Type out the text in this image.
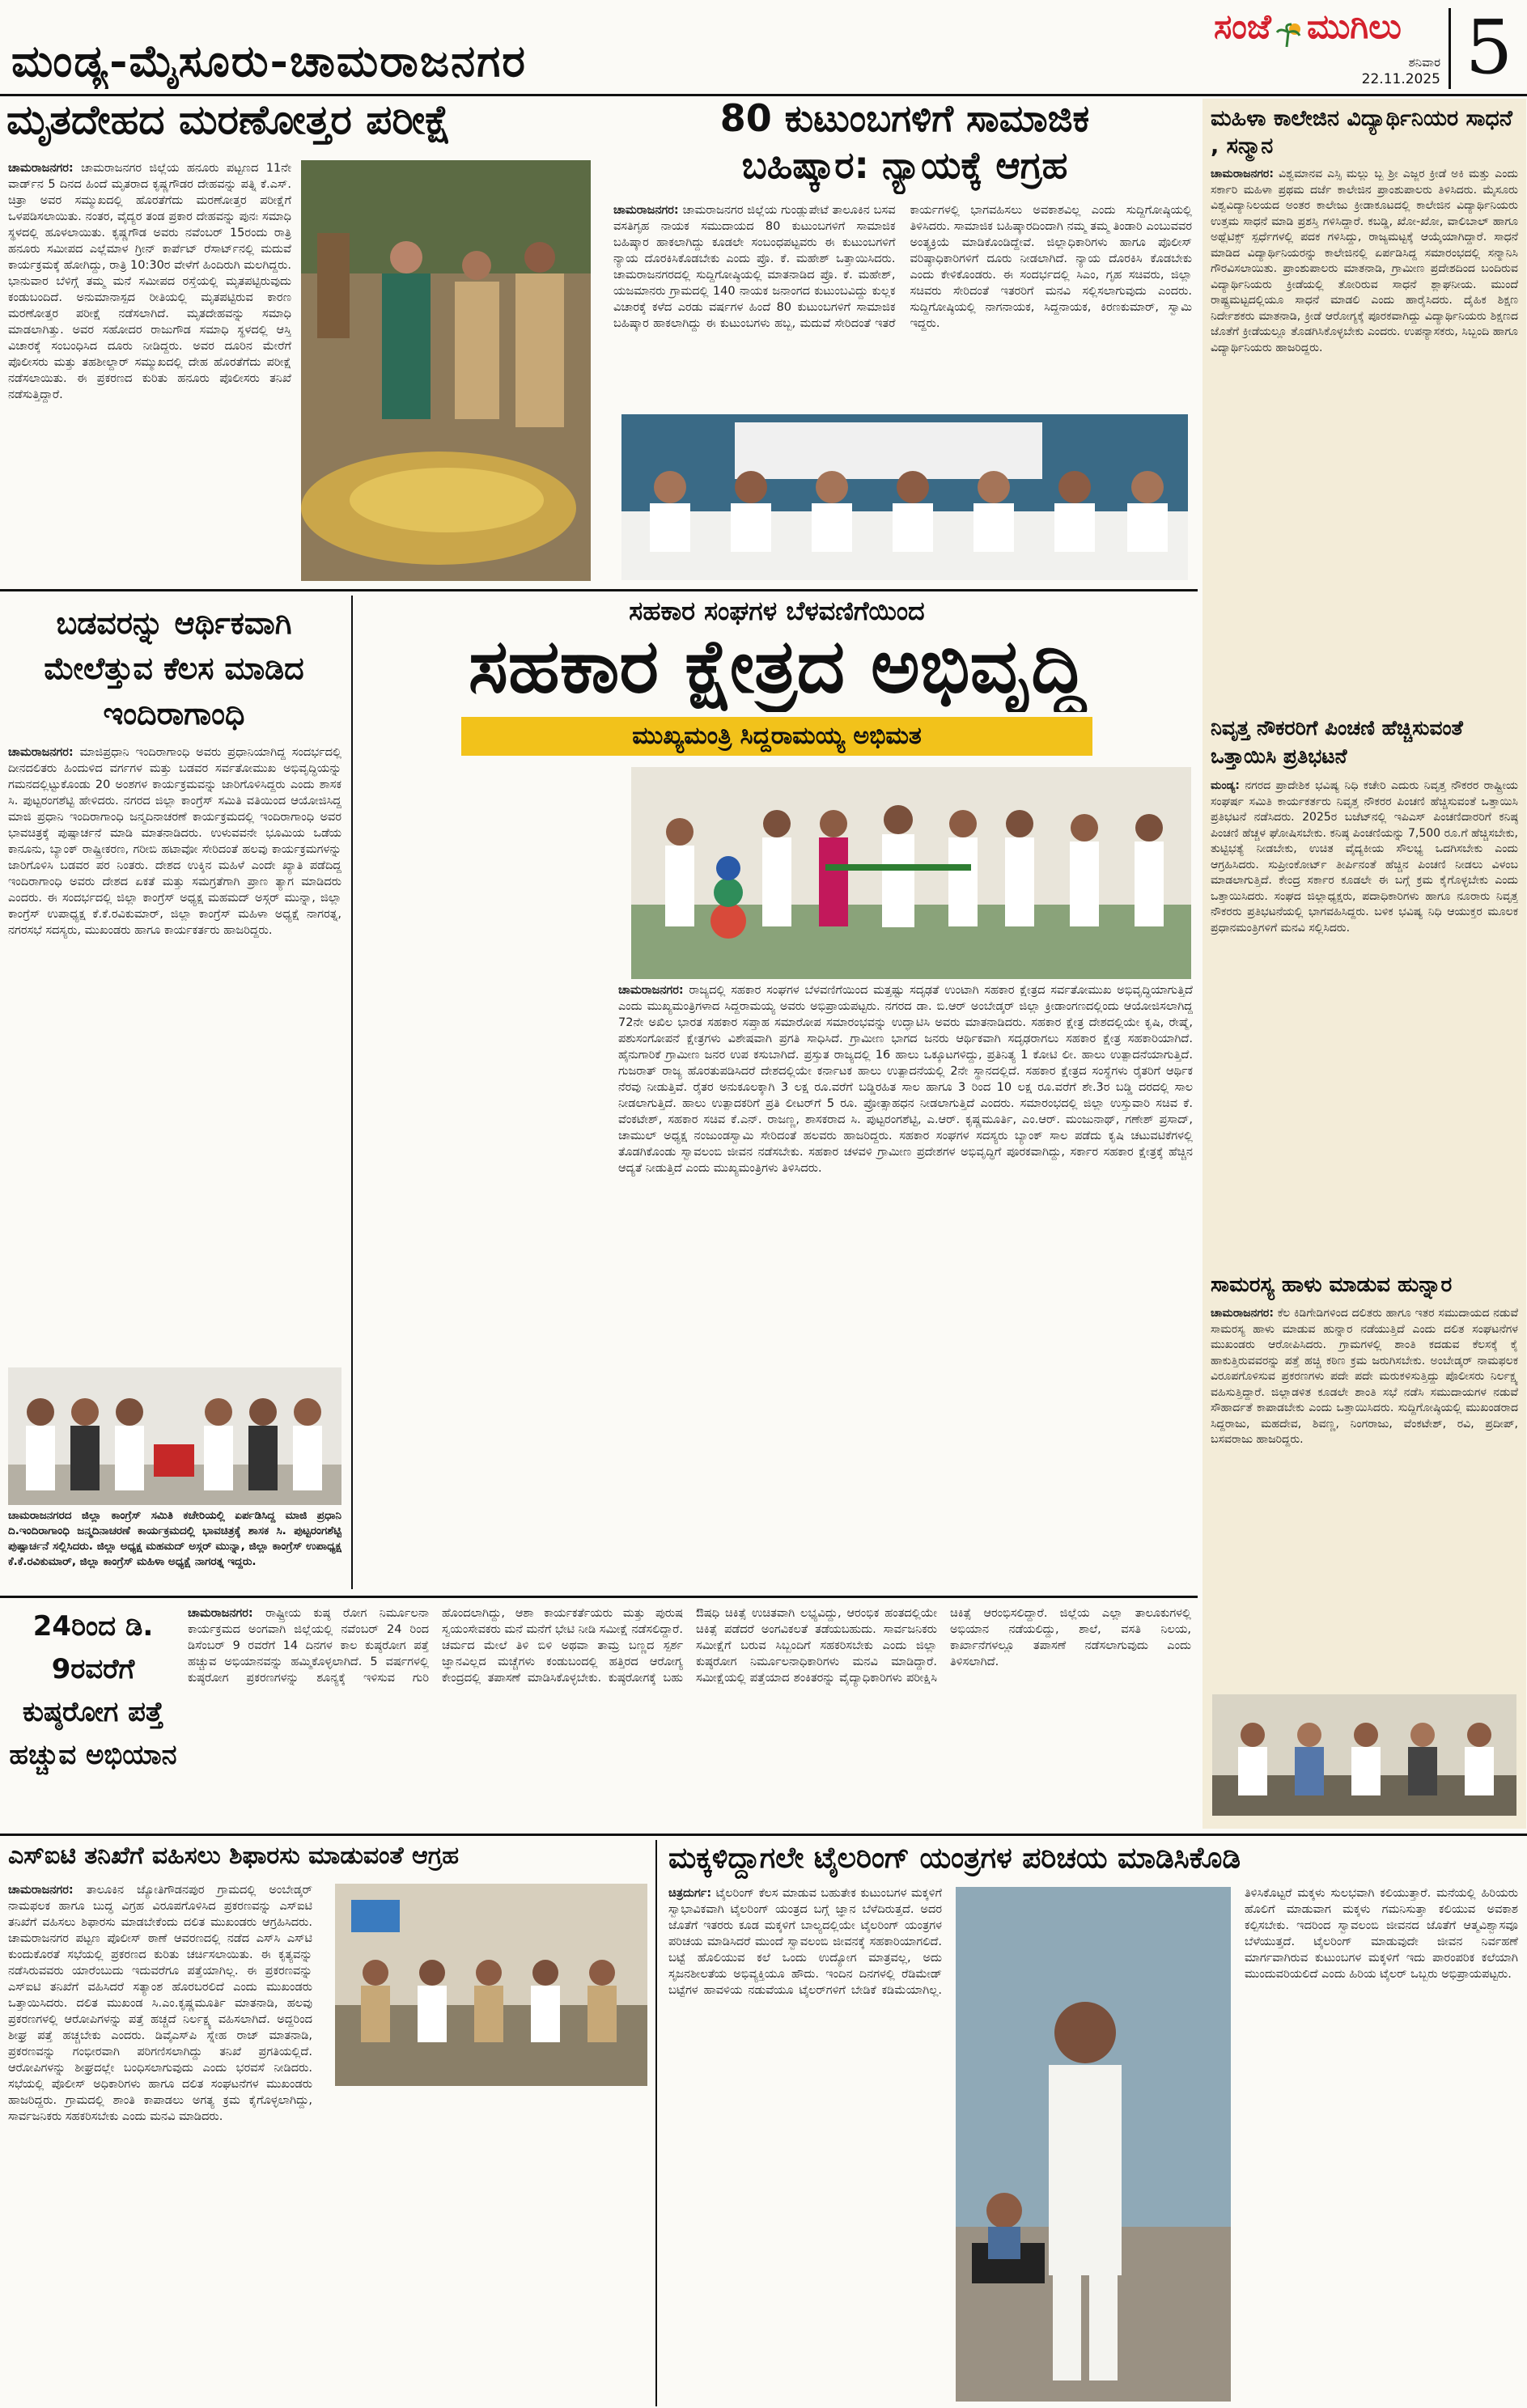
ಮಂಡ್ಯ-ಮೈಸೂರು-ಚಾಮರಾಜನಗರ
ಸಂಜೆ ಮುಗಿಲು
ಶನಿವಾರ
22.11.2025 5
ಮೃತದೇಹದ ಮರಣೋತ್ತರ ಪರೀಕ್ಷೆ
ಚಾಮರಾಜನಗರ: ಚಾಮರಾಜನಗರ ಜಿಲ್ಲೆಯ ಹನೂರು ಪಟ್ಟಣದ 11ನೇ ವಾರ್ಡ್‌ನ 5 ದಿನದ ಹಿಂದೆ ಮೃತರಾದ ಕೃಷ್ಣಗೌಡರ ದೇಹವನ್ನು ಪತ್ನಿ ಕೆ.ಎಸ್. ಚಿತ್ರಾ ಅವರ ಸಮ್ಮುಖದಲ್ಲಿ ಹೊರತೆಗೆದು ಮರಣೋತ್ತರ ಪರೀಕ್ಷೆಗೆ ಒಳಪಡಿಸಲಾಯಿತು. ನಂತರ, ವೈದ್ಯರ ತಂಡ ಪ್ರಕಾರ ದೇಹವನ್ನು ಪುನಃ ಸಮಾಧಿ ಸ್ಥಳದಲ್ಲಿ ಹೂಳಲಾಯಿತು. ಕೃಷ್ಣಗೌಡ ಅವರು ನವೆಂಬರ್ 15ರಂದು ರಾತ್ರಿ ಹನೂರು ಸಮೀಪದ ಎಲ್ಲೆಮಾಳ ಗ್ರೀನ್ ಕಾರ್ಪೆಟ್ ರೆಸಾರ್ಟ್‌ನಲ್ಲಿ ಮದುವೆ ಕಾರ್ಯಕ್ರಮಕ್ಕೆ ಹೋಗಿದ್ದು, ರಾತ್ರಿ 10:30ರ ವೇಳೆಗೆ ಹಿಂದಿರುಗಿ ಮಲಗಿದ್ದರು. ಭಾನುವಾರ ಬೆಳಿಗ್ಗೆ ತಮ್ಮ ಮನೆ ಸಮೀಪದ ರಸ್ತೆಯಲ್ಲಿ ಮೃತಪಟ್ಟಿರುವುದು ಕಂಡುಬಂದಿದೆ. ಅನುಮಾನಾಸ್ಪದ ರೀತಿಯಲ್ಲಿ ಮೃತಪಟ್ಟಿರುವ ಕಾರಣ ಮರಣೋತ್ತರ ಪರೀಕ್ಷೆ ನಡೆಸಲಾಗಿದೆ. ಮೃತದೇಹವನ್ನು ಸಮಾಧಿ ಮಾಡಲಾಗಿತ್ತು. ಅವರ ಸಹೋದರ ರಾಜುಗೌಡ ಸಮಾಧಿ ಸ್ಥಳದಲ್ಲಿ ಆಸ್ತಿ ವಿಚಾರಕ್ಕೆ ಸಂಬಂಧಿಸಿದ ದೂರು ನೀಡಿದ್ದರು. ಅವರ ದೂರಿನ ಮೇರೆಗೆ ಪೊಲೀಸರು ಮತ್ತು ತಹಶೀಲ್ದಾರ್ ಸಮ್ಮುಖದಲ್ಲಿ ದೇಹ ಹೊರತೆಗೆದು ಪರೀಕ್ಷೆ ನಡೆಸಲಾಯಿತು. ಈ ಪ್ರಕರಣದ ಕುರಿತು ಹನೂರು ಪೊಲೀಸರು ತನಿಖೆ ನಡೆಸುತ್ತಿದ್ದಾರೆ.
80 ಕುಟುಂಬಗಳಿಗೆ ಸಾಮಾಜಿಕ
ಬಹಿಷ್ಕಾರ: ನ್ಯಾಯಕ್ಕೆ ಆಗ್ರಹ
ಚಾಮರಾಜನಗರ: ಚಾಮರಾಜನಗರ ಜಿಲ್ಲೆಯ ಗುಂಡ್ಲುಪೇಟೆ ತಾಲೂಕಿನ ಬಸವ ವಸತಿಗೃಹ ನಾಯಕ ಸಮುದಾಯದ 80 ಕುಟುಂಬಗಳಿಗೆ ಸಾಮಾಜಿಕ ಬಹಿಷ್ಕಾರ ಹಾಕಲಾಗಿದ್ದು ಕೂಡಲೇ ಸಂಬಂಧಪಟ್ಟವರು ಈ ಕುಟುಂಬಗಳಿಗೆ ನ್ಯಾಯ ದೊರಕಿಸಿಕೊಡಬೇಕು ಎಂದು ಪ್ರೊ. ಕೆ. ಮಹೇಶ್ ಒತ್ತಾಯಿಸಿದರು. ಚಾಮರಾಜನಗರದಲ್ಲಿ ಸುದ್ದಿಗೋಷ್ಠಿಯಲ್ಲಿ ಮಾತನಾಡಿದ ಪ್ರೊ. ಕೆ. ಮಹೇಶ್, ಯಜಮಾನರು ಗ್ರಾಮದಲ್ಲಿ 140 ನಾಯಕ ಜನಾಂಗದ ಕುಟುಂಬವಿದ್ದು ಕುಲ್ಲಕ ವಿಚಾರಕ್ಕೆ ಕಳೆದ ಎರಡು ವರ್ಷಗಳ ಹಿಂದೆ 80 ಕುಟುಂಬಗಳಿಗೆ ಸಾಮಾಜಿಕ ಬಹಿಷ್ಕಾರ ಹಾಕಲಾಗಿದ್ದು ಈ ಕುಟುಂಬಗಳು ಹಬ್ಬ, ಮದುವೆ ಸೇರಿದಂತೆ ಇತರೆ ಕಾರ್ಯಗಳಲ್ಲಿ ಭಾಗವಹಿಸಲು ಅವಕಾಶವಿಲ್ಲ ಎಂದು ಸುದ್ದಿಗೋಷ್ಠಿಯಲ್ಲಿ ತಿಳಿಸಿದರು. ಸಾಮಾಜಿಕ ಬಹಿಷ್ಕಾರದಿಂದಾಗಿ ನಮ್ಮ ತಮ್ಮ ತಿಂಡಾರಿ ಎಂಬುವವರ ಅಂತ್ಯಕ್ರಿಯೆ ಮಾಡಿಕೊಂಡಿದ್ದೇವೆ. ಜಿಲ್ಲಾಧಿಕಾರಿಗಳು ಹಾಗೂ ಪೊಲೀಸ್ ವರಿಷ್ಠಾಧಿಕಾರಿಗಳಿಗೆ ದೂರು ನೀಡಲಾಗಿದೆ. ನ್ಯಾಯ ದೊರಕಿಸಿ ಕೊಡಬೇಕು ಎಂದು ಕೇಳಿಕೊಂಡರು. ಈ ಸಂದರ್ಭದಲ್ಲಿ ಸಿಎಂ, ಗೃಹ ಸಚಿವರು, ಜಿಲ್ಲಾ ಸಚಿವರು ಸೇರಿದಂತೆ ಇತರರಿಗೆ ಮನವಿ ಸಲ್ಲಿಸಲಾಗುವುದು ಎಂದರು. ಸುದ್ದಿಗೋಷ್ಠಿಯಲ್ಲಿ ನಾಗನಾಯಕ, ಸಿದ್ದನಾಯಕ, ಕಿರಣಕುಮಾರ್, ಸ್ವಾಮಿ ಇದ್ದರು.
ಮಹಿಳಾ ಕಾಲೇಜಿನ ವಿದ್ಯಾರ್ಥಿನಿಯರ ಸಾಧನೆ , ಸನ್ಮಾನ
ಚಾಮರಾಜನಗರ: ವಿಶ್ವಮಾನವ ಎಸ್ಸಿ ಮಲ್ಲು ಬ್ಬ ಶ್ರೀ ಎಜ್ಜರ ಕ್ರೀಡೆ ಅಕಿ ಮತ್ತು ಎಂದು ಸರ್ಕಾರಿ ಮಹಿಳಾ ಪ್ರಥಮ ದರ್ಜೆ ಕಾಲೇಜಿನ ಪ್ರಾಂಶುಪಾಲರು ತಿಳಿಸಿದರು. ಮೈಸೂರು ವಿಶ್ವವಿದ್ಯಾನಿಲಯದ ಅಂತರ ಕಾಲೇಜು ಕ್ರೀಡಾಕೂಟದಲ್ಲಿ ಕಾಲೇಜಿನ ವಿದ್ಯಾರ್ಥಿನಿಯರು ಉತ್ತಮ ಸಾಧನೆ ಮಾಡಿ ಪ್ರಶಸ್ತಿ ಗಳಿಸಿದ್ದಾರೆ. ಕಬಡ್ಡಿ, ಖೋ-ಖೋ, ವಾಲಿಬಾಲ್ ಹಾಗೂ ಅಥ್ಲೆಟಿಕ್ಸ್ ಸ್ಪರ್ಧೆಗಳಲ್ಲಿ ಪದಕ ಗಳಿಸಿದ್ದು, ರಾಜ್ಯಮಟ್ಟಕ್ಕೆ ಆಯ್ಕೆಯಾಗಿದ್ದಾರೆ. ಸಾಧನೆ ಮಾಡಿದ ವಿದ್ಯಾರ್ಥಿನಿಯರನ್ನು ಕಾಲೇಜಿನಲ್ಲಿ ಏರ್ಪಡಿಸಿದ್ದ ಸಮಾರಂಭದಲ್ಲಿ ಸನ್ಮಾನಿಸಿ ಗೌರವಿಸಲಾಯಿತು. ಪ್ರಾಂಶುಪಾಲರು ಮಾತನಾಡಿ, ಗ್ರಾಮೀಣ ಪ್ರದೇಶದಿಂದ ಬಂದಿರುವ ವಿದ್ಯಾರ್ಥಿನಿಯರು ಕ್ರೀಡೆಯಲ್ಲಿ ತೋರಿರುವ ಸಾಧನೆ ಶ್ಲಾಘನೀಯ. ಮುಂದೆ ರಾಷ್ಟ್ರಮಟ್ಟದಲ್ಲಿಯೂ ಸಾಧನೆ ಮಾಡಲಿ ಎಂದು ಹಾರೈಸಿದರು. ದೈಹಿಕ ಶಿಕ್ಷಣ ನಿರ್ದೇಶಕರು ಮಾತನಾಡಿ, ಕ್ರೀಡೆ ಆರೋಗ್ಯಕ್ಕೆ ಪೂರಕವಾಗಿದ್ದು ವಿದ್ಯಾರ್ಥಿನಿಯರು ಶಿಕ್ಷಣದ ಜೊತೆಗೆ ಕ್ರೀಡೆಯಲ್ಲೂ ತೊಡಗಿಸಿಕೊಳ್ಳಬೇಕು ಎಂದರು. ಉಪನ್ಯಾಸಕರು, ಸಿಬ್ಬಂದಿ ಹಾಗೂ ವಿದ್ಯಾರ್ಥಿನಿಯರು ಹಾಜರಿದ್ದರು.
ನಿವೃತ್ತ ನೌಕರರಿಗೆ ಪಿಂಚಣಿ ಹೆಚ್ಚಿಸುವಂತೆ ಒತ್ತಾಯಿಸಿ ಪ್ರತಿಭಟನೆ
ಮಂಡ್ಯ: ನಗರದ ಪ್ರಾದೇಶಿಕ ಭವಿಷ್ಯ ನಿಧಿ ಕಚೇರಿ ಎದುರು ನಿವೃತ್ತ ನೌಕರರ ರಾಷ್ಟ್ರೀಯ ಸಂಘರ್ಷ ಸಮಿತಿ ಕಾರ್ಯಕರ್ತರು ನಿವೃತ್ತ ನೌಕರರ ಪಿಂಚಣಿ ಹೆಚ್ಚಿಸುವಂತೆ ಒತ್ತಾಯಿಸಿ ಪ್ರತಿಭಟನೆ ನಡೆಸಿದರು. 2025ರ ಬಜೆಟ್‌ನಲ್ಲಿ ಇಪಿಎಸ್ ಪಿಂಚಣಿದಾರರಿಗೆ ಕನಿಷ್ಠ ಪಿಂಚಣಿ ಹೆಚ್ಚಳ ಘೋಷಿಸಬೇಕು. ಕನಿಷ್ಠ ಪಿಂಚಣಿಯನ್ನು 7,500 ರೂ.ಗೆ ಹೆಚ್ಚಿಸಬೇಕು, ತುಟ್ಟಿಭತ್ಯೆ ನೀಡಬೇಕು, ಉಚಿತ ವೈದ್ಯಕೀಯ ಸೌಲಭ್ಯ ಒದಗಿಸಬೇಕು ಎಂದು ಆಗ್ರಹಿಸಿದರು. ಸುಪ್ರೀಂಕೋರ್ಟ್ ತೀರ್ಪಿನಂತೆ ಹೆಚ್ಚಿನ ಪಿಂಚಣಿ ನೀಡಲು ವಿಳಂಬ ಮಾಡಲಾಗುತ್ತಿದೆ. ಕೇಂದ್ರ ಸರ್ಕಾರ ಕೂಡಲೇ ಈ ಬಗ್ಗೆ ಕ್ರಮ ಕೈಗೊಳ್ಳಬೇಕು ಎಂದು ಒತ್ತಾಯಿಸಿದರು. ಸಂಘದ ಜಿಲ್ಲಾಧ್ಯಕ್ಷರು, ಪದಾಧಿಕಾರಿಗಳು ಹಾಗೂ ನೂರಾರು ನಿವೃತ್ತ ನೌಕರರು ಪ್ರತಿಭಟನೆಯಲ್ಲಿ ಭಾಗವಹಿಸಿದ್ದರು. ಬಳಿಕ ಭವಿಷ್ಯ ನಿಧಿ ಆಯುಕ್ತರ ಮೂಲಕ ಪ್ರಧಾನಮಂತ್ರಿಗಳಿಗೆ ಮನವಿ ಸಲ್ಲಿಸಿದರು.
ಸಾಮರಸ್ಯ ಹಾಳು ಮಾಡುವ ಹುನ್ನಾರ
ಚಾಮರಾಜನಗರ: ಕೆಲ ಕಿಡಿಗೇಡಿಗಳಿಂದ ದಲಿತರು ಹಾಗೂ ಇತರ ಸಮುದಾಯದ ನಡುವೆ ಸಾಮರಸ್ಯ ಹಾಳು ಮಾಡುವ ಹುನ್ನಾರ ನಡೆಯುತ್ತಿದೆ ಎಂದು ದಲಿತ ಸಂಘಟನೆಗಳ ಮುಖಂಡರು ಆರೋಪಿಸಿದರು. ಗ್ರಾಮಗಳಲ್ಲಿ ಶಾಂತಿ ಕದಡುವ ಕೆಲಸಕ್ಕೆ ಕೈ ಹಾಕುತ್ತಿರುವವರನ್ನು ಪತ್ತೆ ಹಚ್ಚಿ ಕಠಿಣ ಕ್ರಮ ಜರುಗಿಸಬೇಕು. ಅಂಬೇಡ್ಕರ್ ನಾಮಫಲಕ ವಿರೂಪಗೊಳಿಸುವ ಪ್ರಕರಣಗಳು ಪದೇ ಪದೇ ಮರುಕಳಿಸುತ್ತಿದ್ದು ಪೊಲೀಸರು ನಿರ್ಲಕ್ಷ್ಯ ವಹಿಸುತ್ತಿದ್ದಾರೆ. ಜಿಲ್ಲಾಡಳಿತ ಕೂಡಲೇ ಶಾಂತಿ ಸಭೆ ನಡೆಸಿ ಸಮುದಾಯಗಳ ನಡುವೆ ಸೌಹಾರ್ದತೆ ಕಾಪಾಡಬೇಕು ಎಂದು ಒತ್ತಾಯಿಸಿದರು. ಸುದ್ದಿಗೋಷ್ಠಿಯಲ್ಲಿ ಮುಖಂಡರಾದ ಸಿದ್ದರಾಜು, ಮಹದೇವ, ಶಿವಣ್ಣ, ನಿಂಗರಾಜು, ವೆಂಕಟೇಶ್, ರವಿ, ಪ್ರದೀಪ್, ಬಸವರಾಜು ಹಾಜರಿದ್ದರು.
ಬಡವರನ್ನು ಆರ್ಥಿಕವಾಗಿ ಮೇಲೆತ್ತುವ ಕೆಲಸ ಮಾಡಿದ ಇಂದಿರಾಗಾಂಧಿ
ಚಾಮರಾಜನಗರ: ಮಾಜಿಪ್ರಧಾನಿ ಇಂದಿರಾಗಾಂಧಿ ಅವರು ಪ್ರಧಾನಿಯಾಗಿದ್ದ ಸಂದರ್ಭದಲ್ಲಿ ದೀನದಲಿತರು ಹಿಂದುಳಿದ ವರ್ಗಗಳ ಮತ್ತು ಬಡವರ ಸರ್ವತೋಮುಖ ಅಭಿವೃದ್ಧಿಯನ್ನು ಗಮನದಲ್ಲಿಟ್ಟುಕೊಂಡು 20 ಅಂಶಗಳ ಕಾರ್ಯಕ್ರಮವನ್ನು ಜಾರಿಗೊಳಿಸಿದ್ದರು ಎಂದು ಶಾಸಕ ಸಿ. ಪುಟ್ಟರಂಗಶೆಟ್ಟಿ ಹೇಳಿದರು. ನಗರದ ಜಿಲ್ಲಾ ಕಾಂಗ್ರೆಸ್ ಸಮಿತಿ ವತಿಯಿಂದ ಆಯೋಜಿಸಿದ್ದ ಮಾಜಿ ಪ್ರಧಾನಿ ಇಂದಿರಾಗಾಂಧಿ ಜನ್ಮದಿನಾಚರಣೆ ಕಾರ್ಯಕ್ರಮದಲ್ಲಿ ಇಂದಿರಾಗಾಂಧಿ ಅವರ ಭಾವಚಿತ್ರಕ್ಕೆ ಪುಷ್ಪಾರ್ಚನೆ ಮಾಡಿ ಮಾತನಾಡಿದರು. ಉಳುವವನೇ ಭೂಮಿಯ ಒಡೆಯ ಕಾನೂನು, ಬ್ಯಾಂಕ್ ರಾಷ್ಟ್ರೀಕರಣ, ಗರೀಬಿ ಹಟಾವೋ ಸೇರಿದಂತೆ ಹಲವು ಕಾರ್ಯಕ್ರಮಗಳನ್ನು ಜಾರಿಗೊಳಿಸಿ ಬಡವರ ಪರ ನಿಂತರು. ದೇಶದ ಉಕ್ಕಿನ ಮಹಿಳೆ ಎಂದೇ ಖ್ಯಾತಿ ಪಡೆದಿದ್ದ ಇಂದಿರಾಗಾಂಧಿ ಅವರು ದೇಶದ ಏಕತೆ ಮತ್ತು ಸಮಗ್ರತೆಗಾಗಿ ಪ್ರಾಣ ತ್ಯಾಗ ಮಾಡಿದರು ಎಂದರು. ಈ ಸಂದರ್ಭದಲ್ಲಿ ಜಿಲ್ಲಾ ಕಾಂಗ್ರೆಸ್ ಅಧ್ಯಕ್ಷ ಮಹಮದ್ ಅಸ್ಗರ್ ಮುನ್ನಾ, ಜಿಲ್ಲಾ ಕಾಂಗ್ರೆಸ್ ಉಪಾಧ್ಯಕ್ಷ ಕೆ.ಕೆ.ರವಿಕುಮಾರ್, ಜಿಲ್ಲಾ ಕಾಂಗ್ರೆಸ್ ಮಹಿಳಾ ಅಧ್ಯಕ್ಷೆ ನಾಗರತ್ನ, ನಗರಸಭೆ ಸದಸ್ಯರು, ಮುಖಂಡರು ಹಾಗೂ ಕಾರ್ಯಕರ್ತರು ಹಾಜರಿದ್ದರು.
ಚಾಮರಾಜನಗರದ ಜಿಲ್ಲಾ ಕಾಂಗ್ರೆಸ್ ಸಮಿತಿ ಕಚೇರಿಯಲ್ಲಿ ಏರ್ಪಡಿಸಿದ್ದ ಮಾಜಿ ಪ್ರಧಾನಿ ದಿ.ಇಂದಿರಾಗಾಂಧಿ ಜನ್ಮದಿನಾಚರಣೆ ಕಾರ್ಯಕ್ರಮದಲ್ಲಿ ಭಾವಚಿತ್ರಕ್ಕೆ ಶಾಸಕ ಸಿ. ಪುಟ್ಟರಂಗಶೆಟ್ಟಿ ಪುಷ್ಪಾರ್ಚನೆ ಸಲ್ಲಿಸಿದರು. ಜಿಲ್ಲಾ ಅಧ್ಯಕ್ಷ ಮಹಮದ್ ಅಸ್ಗರ್ ಮುನ್ನಾ, ಜಿಲ್ಲಾ ಕಾಂಗ್ರೆಸ್ ಉಪಾಧ್ಯಕ್ಷ ಕೆ.ಕೆ.ರವಿಕುಮಾರ್, ಜಿಲ್ಲಾ ಕಾಂಗ್ರೆಸ್ ಮಹಿಳಾ ಅಧ್ಯಕ್ಷೆ ನಾಗರತ್ನ ಇದ್ದರು.
ಸಹಕಾರ ಸಂಘಗಳ ಬೆಳವಣಿಗೆಯಿಂದ
ಸಹಕಾರ ಕ್ಷೇತ್ರದ ಅಭಿವೃದ್ಧಿ
ಮುಖ್ಯಮಂತ್ರಿ ಸಿದ್ದರಾಮಯ್ಯ ಅಭಿಮತ
ಚಾಮರಾಜನಗರ: ರಾಜ್ಯದಲ್ಲಿ ಸಹಕಾರ ಸಂಘಗಳ ಬೆಳವಣಿಗೆಯಿಂದ ಮತ್ತಷ್ಟು ಸದೃಢತೆ ಉಂಟಾಗಿ ಸಹಕಾರ ಕ್ಷೇತ್ರದ ಸರ್ವತೋಮುಖ ಅಭಿವೃದ್ಧಿಯಾಗುತ್ತಿದೆ ಎಂದು ಮುಖ್ಯಮಂತ್ರಿಗಳಾದ ಸಿದ್ದರಾಮಯ್ಯ ಅವರು ಅಭಿಪ್ರಾಯಪಟ್ಟರು. ನಗರದ ಡಾ. ಬಿ.ಆರ್ ಅಂಬೇಡ್ಕರ್ ಜಿಲ್ಲಾ ಕ್ರೀಡಾಂಗಣದಲ್ಲಿಂದು ಆಯೋಜಿಸಲಾಗಿದ್ದ 72ನೇ ಅಖಿಲ ಭಾರತ ಸಹಕಾರ ಸಪ್ತಾಹ ಸಮಾರೋಪ ಸಮಾರಂಭವನ್ನು ಉದ್ಘಾಟಿಸಿ ಅವರು ಮಾತನಾಡಿದರು. ಸಹಕಾರ ಕ್ಷೇತ್ರ ದೇಶದಲ್ಲಿಯೇ ಕೃಷಿ, ರೇಷ್ಮೆ, ಪಶುಸಂಗೋಪನೆ ಕ್ಷೇತ್ರಗಳು ವಿಶೇಷವಾಗಿ ಪ್ರಗತಿ ಸಾಧಿಸಿದೆ. ಗ್ರಾಮೀಣ ಭಾಗದ ಜನರು ಆರ್ಥಿಕವಾಗಿ ಸದೃಢರಾಗಲು ಸಹಕಾರ ಕ್ಷೇತ್ರ ಸಹಕಾರಿಯಾಗಿದೆ. ಹೈನುಗಾರಿಕೆ ಗ್ರಾಮೀಣ ಜನರ ಉಪ ಕಸುಬಾಗಿದೆ. ಪ್ರಸ್ತುತ ರಾಜ್ಯದಲ್ಲಿ 16 ಹಾಲು ಒಕ್ಕೂಟಗಳಿದ್ದು, ಪ್ರತಿನಿತ್ಯ 1 ಕೋಟಿ ಲೀ. ಹಾಲು ಉತ್ಪಾದನೆಯಾಗುತ್ತಿದೆ. ಗುಜರಾತ್ ರಾಜ್ಯ ಹೊರತುಪಡಿಸಿದರೆ ದೇಶದಲ್ಲಿಯೇ ಕರ್ನಾಟಕ ಹಾಲು ಉತ್ಪಾದನೆಯಲ್ಲಿ 2ನೇ ಸ್ಥಾನದಲ್ಲಿದೆ. ಸಹಕಾರ ಕ್ಷೇತ್ರದ ಸಂಸ್ಥೆಗಳು ರೈತರಿಗೆ ಆರ್ಥಿಕ ನೆರವು ನೀಡುತ್ತಿವೆ. ರೈತರ ಅನುಕೂಲಕ್ಕಾಗಿ 3 ಲಕ್ಷ ರೂ.ವರೆಗೆ ಬಡ್ಡಿರಹಿತ ಸಾಲ ಹಾಗೂ 3 ರಿಂದ 10 ಲಕ್ಷ ರೂ.ವರೆಗೆ ಶೇ.3ರ ಬಡ್ಡಿ ದರದಲ್ಲಿ ಸಾಲ ನೀಡಲಾಗುತ್ತಿದೆ. ಹಾಲು ಉತ್ಪಾದಕರಿಗೆ ಪ್ರತಿ ಲೀಟರ್‌ಗೆ 5 ರೂ. ಪ್ರೋತ್ಸಾಹಧನ ನೀಡಲಾಗುತ್ತಿದೆ ಎಂದರು. ಸಮಾರಂಭದಲ್ಲಿ ಜಿಲ್ಲಾ ಉಸ್ತುವಾರಿ ಸಚಿವ ಕೆ. ವೆಂಕಟೇಶ್, ಸಹಕಾರ ಸಚಿವ ಕೆ.ಎನ್. ರಾಜಣ್ಣ, ಶಾಸಕರಾದ ಸಿ. ಪುಟ್ಟರಂಗಶೆಟ್ಟಿ, ಎ.ಆರ್. ಕೃಷ್ಣಮೂರ್ತಿ, ಎಂ.ಆರ್. ಮಂಜುನಾಥ್, ಗಣೇಶ್ ಪ್ರಸಾದ್, ಚಾಮುಲ್ ಅಧ್ಯಕ್ಷ ನಂಜುಂಡಸ್ವಾಮಿ ಸೇರಿದಂತೆ ಹಲವರು ಹಾಜರಿದ್ದರು. ಸಹಕಾರ ಸಂಘಗಳ ಸದಸ್ಯರು ಬ್ಯಾಂಕ್ ಸಾಲ ಪಡೆದು ಕೃಷಿ ಚಟುವಟಿಕೆಗಳಲ್ಲಿ ತೊಡಗಿಕೊಂಡು ಸ್ವಾವಲಂಬಿ ಜೀವನ ನಡೆಸಬೇಕು. ಸಹಕಾರ ಚಳವಳಿ ಗ್ರಾಮೀಣ ಪ್ರದೇಶಗಳ ಅಭಿವೃದ್ಧಿಗೆ ಪೂರಕವಾಗಿದ್ದು, ಸರ್ಕಾರ ಸಹಕಾರ ಕ್ಷೇತ್ರಕ್ಕೆ ಹೆಚ್ಚಿನ ಆದ್ಯತೆ ನೀಡುತ್ತಿದೆ ಎಂದು ಮುಖ್ಯಮಂತ್ರಿಗಳು ತಿಳಿಸಿದರು.
24ರಿಂದ ಡಿ. 9ರವರೆಗೆ ಕುಷ್ಠರೋಗ ಪತ್ತೆ ಹಚ್ಚುವ ಅಭಿಯಾನ
ಚಾಮರಾಜನಗರ: ರಾಷ್ಟ್ರೀಯ ಕುಷ್ಠ ರೋಗ ನಿರ್ಮೂಲನಾ ಕಾರ್ಯಕ್ರಮದ ಅಂಗವಾಗಿ ಜಿಲ್ಲೆಯಲ್ಲಿ ನವೆಂಬರ್ 24 ರಿಂದ ಡಿಸೆಂಬರ್ 9 ರವರೆಗೆ 14 ದಿನಗಳ ಕಾಲ ಕುಷ್ಠರೋಗ ಪತ್ತೆ ಹಚ್ಚುವ ಅಭಿಯಾನವನ್ನು ಹಮ್ಮಿಕೊಳ್ಳಲಾಗಿದೆ. 5 ವರ್ಷಗಳಲ್ಲಿ ಕುಷ್ಠರೋಗ ಪ್ರಕರಣಗಳನ್ನು ಶೂನ್ಯಕ್ಕೆ ಇಳಿಸುವ ಗುರಿ ಹೊಂದಲಾಗಿದ್ದು, ಆಶಾ ಕಾರ್ಯಕರ್ತೆಯರು ಮತ್ತು ಪುರುಷ ಸ್ವಯಂಸೇವಕರು ಮನೆ ಮನೆಗೆ ಭೇಟಿ ನೀಡಿ ಸಮೀಕ್ಷೆ ನಡೆಸಲಿದ್ದಾರೆ. ಚರ್ಮದ ಮೇಲೆ ತಿಳಿ ಬಿಳಿ ಅಥವಾ ತಾಮ್ರ ಬಣ್ಣದ ಸ್ಪರ್ಶ ಜ್ಞಾನವಿಲ್ಲದ ಮಚ್ಚೆಗಳು ಕಂಡುಬಂದಲ್ಲಿ ಹತ್ತಿರದ ಆರೋಗ್ಯ ಕೇಂದ್ರದಲ್ಲಿ ತಪಾಸಣೆ ಮಾಡಿಸಿಕೊಳ್ಳಬೇಕು. ಕುಷ್ಠರೋಗಕ್ಕೆ ಬಹು ಔಷಧಿ ಚಿಕಿತ್ಸೆ ಉಚಿತವಾಗಿ ಲಭ್ಯವಿದ್ದು, ಆರಂಭಿಕ ಹಂತದಲ್ಲಿಯೇ ಚಿಕಿತ್ಸೆ ಪಡೆದರೆ ಅಂಗವಿಕಲತೆ ತಡೆಯಬಹುದು. ಸಾರ್ವಜನಿಕರು ಸಮೀಕ್ಷೆಗೆ ಬರುವ ಸಿಬ್ಬಂದಿಗೆ ಸಹಕರಿಸಬೇಕು ಎಂದು ಜಿಲ್ಲಾ ಕುಷ್ಠರೋಗ ನಿರ್ಮೂಲನಾಧಿಕಾರಿಗಳು ಮನವಿ ಮಾಡಿದ್ದಾರೆ. ಸಮೀಕ್ಷೆಯಲ್ಲಿ ಪತ್ತೆಯಾದ ಶಂಕಿತರನ್ನು ವೈದ್ಯಾಧಿಕಾರಿಗಳು ಪರೀಕ್ಷಿಸಿ ಚಿಕಿತ್ಸೆ ಆರಂಭಿಸಲಿದ್ದಾರೆ. ಜಿಲ್ಲೆಯ ಎಲ್ಲಾ ತಾಲೂಕುಗಳಲ್ಲಿ ಅಭಿಯಾನ ನಡೆಯಲಿದ್ದು, ಶಾಲೆ, ವಸತಿ ನಿಲಯ, ಕಾರ್ಖಾನೆಗಳಲ್ಲೂ ತಪಾಸಣೆ ನಡೆಸಲಾಗುವುದು ಎಂದು ತಿಳಿಸಲಾಗಿದೆ.
ಎಸ್‌ಐಟಿ ತನಿಖೆಗೆ ವಹಿಸಲು ಶಿಫಾರಸು ಮಾಡುವಂತೆ ಆಗ್ರಹ
ಚಾಮರಾಜನಗರ: ತಾಲೂಕಿನ ಜ್ಯೋತಿಗೌಡನಪುರ ಗ್ರಾಮದಲ್ಲಿ ಅಂಬೇಡ್ಕರ್ ನಾಮಫಲಕ ಹಾಗೂ ಬುದ್ಧ ವಿಗ್ರಹ ವಿರೂಪಗೊಳಿಸಿದ ಪ್ರಕರಣವನ್ನು ಎಸ್‌ಐಟಿ ತನಿಖೆಗೆ ವಹಿಸಲು ಶಿಫಾರಸು ಮಾಡಬೇಕೆಂದು ದಲಿತ ಮುಖಂಡರು ಆಗ್ರಹಿಸಿದರು. ಚಾಮರಾಜನಗರ ಪಟ್ಟಣ ಪೊಲೀಸ್ ಠಾಣೆ ಆವರಣದಲ್ಲಿ ನಡೆದ ಎಸ್‌ಸಿ ಎಸ್‌ಟಿ ಕುಂದುಕೊರತೆ ಸಭೆಯಲ್ಲಿ ಪ್ರಕರಣದ ಕುರಿತು ಚರ್ಚಿಸಲಾಯಿತು. ಈ ಕೃತ್ಯವನ್ನು ನಡೆಸಿರುವವರು ಯಾರೆಂಬುದು ಇದುವರೆಗೂ ಪತ್ತೆಯಾಗಿಲ್ಲ. ಈ ಪ್ರಕರಣವನ್ನು ಎಸ್‌ಐಟಿ ತನಿಖೆಗೆ ವಹಿಸಿದರೆ ಸತ್ಯಾಂಶ ಹೊರಬರಲಿದೆ ಎಂದು ಮುಖಂಡರು ಒತ್ತಾಯಿಸಿದರು. ದಲಿತ ಮುಖಂಡ ಸಿ.ಎಂ.ಕೃಷ್ಣಮೂರ್ತಿ ಮಾತನಾಡಿ, ಹಲವು ಪ್ರಕರಣಗಳಲ್ಲಿ ಆರೋಪಿಗಳನ್ನು ಪತ್ತೆ ಹಚ್ಚದೆ ನಿರ್ಲಕ್ಷ್ಯ ವಹಿಸಲಾಗಿದೆ. ಅದ್ದರಿಂದ ಶೀಘ್ರ ಪತ್ತೆ ಹಚ್ಚಬೇಕು ಎಂದರು. ಡಿವೈಎಸ್‌ಪಿ ಸ್ನೇಹ ರಾಜ್ ಮಾತನಾಡಿ, ಪ್ರಕರಣವನ್ನು ಗಂಭೀರವಾಗಿ ಪರಿಗಣಿಸಲಾಗಿದ್ದು ತನಿಖೆ ಪ್ರಗತಿಯಲ್ಲಿದೆ. ಆರೋಪಿಗಳನ್ನು ಶೀಘ್ರದಲ್ಲೇ ಬಂಧಿಸಲಾಗುವುದು ಎಂದು ಭರವಸೆ ನೀಡಿದರು. ಸಭೆಯಲ್ಲಿ ಪೊಲೀಸ್ ಅಧಿಕಾರಿಗಳು ಹಾಗೂ ದಲಿತ ಸಂಘಟನೆಗಳ ಮುಖಂಡರು ಹಾಜರಿದ್ದರು. ಗ್ರಾಮದಲ್ಲಿ ಶಾಂತಿ ಕಾಪಾಡಲು ಅಗತ್ಯ ಕ್ರಮ ಕೈಗೊಳ್ಳಲಾಗಿದ್ದು, ಸಾರ್ವಜನಿಕರು ಸಹಕರಿಸಬೇಕು ಎಂದು ಮನವಿ ಮಾಡಿದರು.
ಮಕ್ಕಳಿದ್ದಾಗಲೇ ಟೈಲರಿಂಗ್ ಯಂತ್ರಗಳ ಪರಿಚಯ ಮಾಡಿಸಿಕೊಡಿ
ಚಿತ್ರದುರ್ಗ: ಟೈಲರಿಂಗ್ ಕೆಲಸ ಮಾಡುವ ಬಹುತೇಕ ಕುಟುಂಬಗಳ ಮಕ್ಕಳಿಗೆ ಸ್ವಾಭಾವಿಕವಾಗಿ ಟೈಲರಿಂಗ್ ಯಂತ್ರದ ಬಗ್ಗೆ ಜ್ಞಾನ ಬೆಳೆದಿರುತ್ತದೆ. ಅದರ ಜೊತೆಗೆ ಇತರರು ಕೂಡ ಮಕ್ಕಳಿಗೆ ಬಾಲ್ಯದಲ್ಲಿಯೇ ಟೈಲರಿಂಗ್ ಯಂತ್ರಗಳ ಪರಿಚಯ ಮಾಡಿಸಿದರೆ ಮುಂದೆ ಸ್ವಾವಲಂಬಿ ಜೀವನಕ್ಕೆ ಸಹಕಾರಿಯಾಗಲಿದೆ. ಬಟ್ಟೆ ಹೊಲಿಯುವ ಕಲೆ ಒಂದು ಉದ್ಯೋಗ ಮಾತ್ರವಲ್ಲ, ಅದು ಸೃಜನಶೀಲತೆಯ ಅಭಿವ್ಯಕ್ತಿಯೂ ಹೌದು. ಇಂದಿನ ದಿನಗಳಲ್ಲಿ ರೆಡಿಮೇಡ್ ಬಟ್ಟೆಗಳ ಹಾವಳಿಯ ನಡುವೆಯೂ ಟೈಲರ್‌ಗಳಿಗೆ ಬೇಡಿಕೆ ಕಡಿಮೆಯಾಗಿಲ್ಲ. ತಿಳಿಸಿಕೊಟ್ಟರೆ ಮಕ್ಕಳು ಸುಲಭವಾಗಿ ಕಲಿಯುತ್ತಾರೆ. ಮನೆಯಲ್ಲಿ ಹಿರಿಯರು ಹೊಲಿಗೆ ಮಾಡುವಾಗ ಮಕ್ಕಳು ಗಮನಿಸುತ್ತಾ ಕಲಿಯುವ ಅವಕಾಶ ಕಲ್ಪಿಸಬೇಕು. ಇದರಿಂದ ಸ್ವಾವಲಂಬಿ ಜೀವನದ ಜೊತೆಗೆ ಆತ್ಮವಿಶ್ವಾಸವೂ ಬೆಳೆಯುತ್ತದೆ. ಟೈಲರಿಂಗ್ ಮಾಡುವುದೇ ಜೀವನ ನಿರ್ವಹಣೆ ಮಾರ್ಗವಾಗಿರುವ ಕುಟುಂಬಗಳ ಮಕ್ಕಳಿಗೆ ಇದು ಪಾರಂಪರಿಕ ಕಲೆಯಾಗಿ ಮುಂದುವರಿಯಲಿದೆ ಎಂದು ಹಿರಿಯ ಟೈಲರ್ ಒಬ್ಬರು ಅಭಿಪ್ರಾಯಪಟ್ಟರು.
